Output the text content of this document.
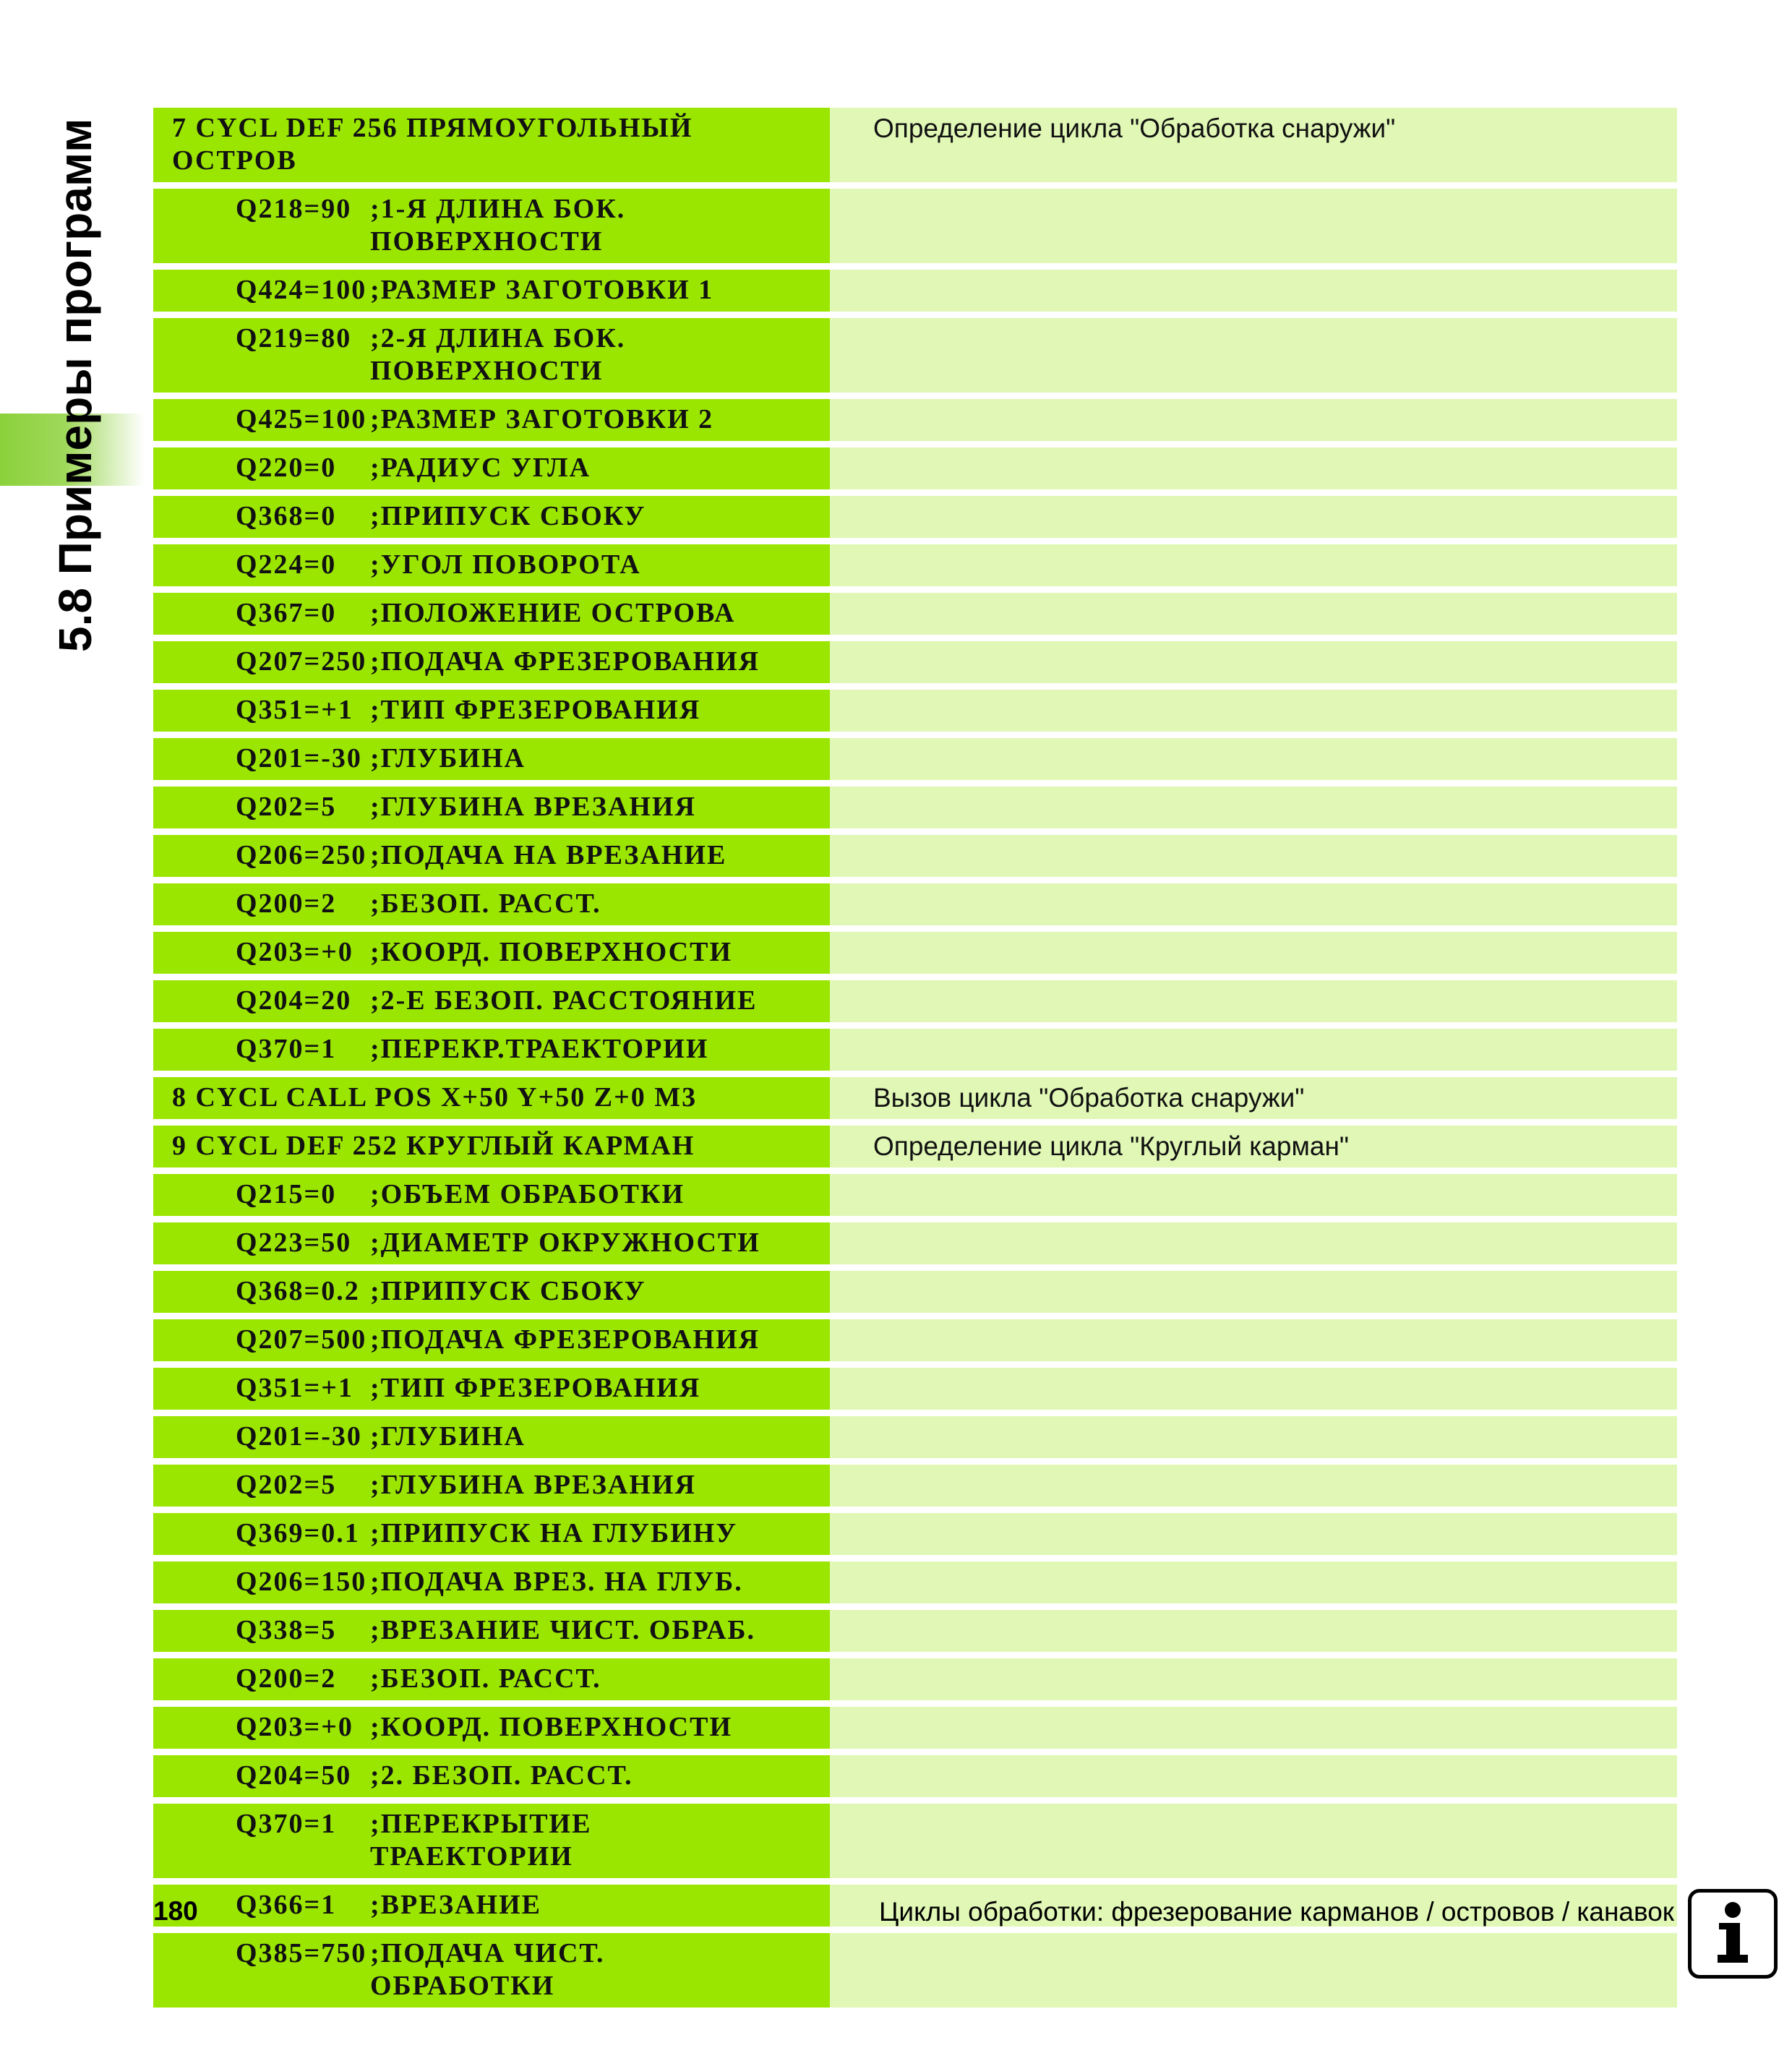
5.8 Примеры программ	7 CYCL DEF 256 ПРЯМОУГОЛЬНЫЙ ОСТРОВ	Определение цикла "Обработка снаружи"
Q218=90 ;1-Я ДЛИНА БОК. ПОВЕРХНОСТИ	
Q424=100 ;РАЗМЕР ЗАГОТОВКИ 1	
Q219=80 ;2-Я ДЛИНА БОК. ПОВЕРХНОСТИ	
Q425=100 ;РАЗМЕР ЗАГОТОВКИ 2	
Q220=0 ;РАДИУС УГЛА	
Q368=0 ;ПРИПУСК СБОКУ	
Q224=0 ;УГОЛ ПОВОРОТА	
Q367=0 ;ПОЛОЖЕНИЕ ОСТРОВА	
Q207=250 ;ПОДАЧА ФРЕЗЕРОВАНИЯ	
Q351=+1 ;ТИП ФРЕЗЕРОВАНИЯ	
Q201=-30 ;ГЛУБИНА	
Q202=5 ;ГЛУБИНА ВРЕЗАНИЯ	
Q206=250 ;ПОДАЧА НА ВРЕЗАНИЕ	
Q200=2 ;БЕЗОП. РАССТ.	
Q203=+0 ;КООРД. ПОВЕРХНОСТИ	
Q204=20 ;2-Е БЕЗОП. РАССТОЯНИЕ	
Q370=1 ;ПЕРЕКР.ТРАЕКТОРИИ	
8 CYCL CALL POS X+50 Y+50 Z+0 M3	Вызов цикла "Обработка снаружи"
9 CYCL DEF 252 КРУГЛЫЙ КАРМАН	Определение цикла "Круглый карман"
Q215=0 ;ОБЪЕМ ОБРАБОТКИ	
Q223=50 ;ДИАМЕТР ОКРУЖНОСТИ	
Q368=0.2 ;ПРИПУСК СБОКУ	
Q207=500 ;ПОДАЧА ФРЕЗЕРОВАНИЯ	
Q351=+1 ;ТИП ФРЕЗЕРОВАНИЯ	
Q201=-30 ;ГЛУБИНА	
Q202=5 ;ГЛУБИНА ВРЕЗАНИЯ	
Q369=0.1 ;ПРИПУСК НА ГЛУБИНУ	
Q206=150 ;ПОДАЧА ВРЕЗ. НА ГЛУБ.	
Q338=5 ;ВРЕЗАНИЕ ЧИСТ. ОБРАБ.	
Q200=2 ;БЕЗОП. РАССТ.	
Q203=+0 ;КООРД. ПОВЕРХНОСТИ	
Q204=50 ;2. БЕЗОП. РАССТ.	
Q370=1 ;ПЕРЕКРЫТИЕ ТРАЕКТОРИИ	
Q366=1 ;ВРЕЗАНИЕ	
Q385=750 ;ПОДАЧА ЧИСТ. ОБРАБОТКИ	
180	Циклы обработки: фрезерование карманов / островов / канавок
